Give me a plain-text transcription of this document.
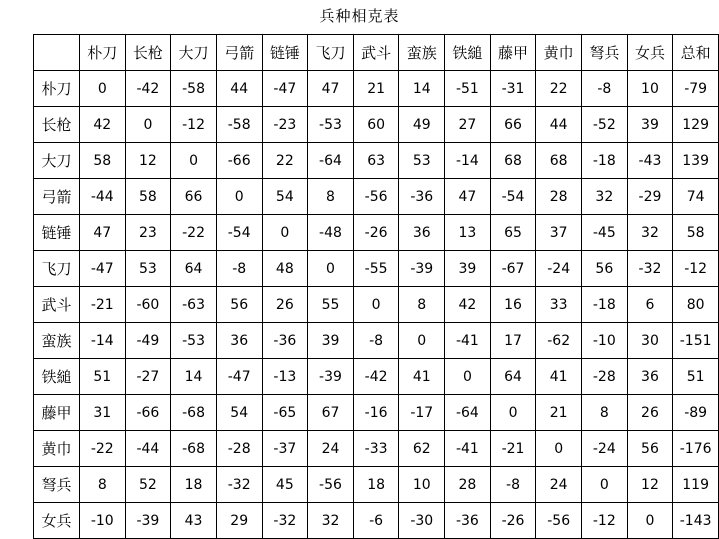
兵种相克表
	朴刀	长枪	大刀	弓箭	链锤	飞刀	武斗	蛮族	铁縋	藤甲	黄巾	弩兵	女兵	总和
朴刀	0	-42	-58	44	-47	47	21	14	-51	-31	22	-8	10	-79
长枪	42	0	-12	-58	-23	-53	60	49	27	66	44	-52	39	129
大刀	58	12	0	-66	22	-64	63	53	-14	68	68	-18	-43	139
弓箭	-44	58	66	0	54	8	-56	-36	47	-54	28	32	-29	74
链锤	47	23	-22	-54	0	-48	-26	36	13	65	37	-45	32	58
飞刀	-47	53	64	-8	48	0	-55	-39	39	-67	-24	56	-32	-12
武斗	-21	-60	-63	56	26	55	0	8	42	16	33	-18	6	80
蛮族	-14	-49	-53	36	-36	39	-8	0	-41	17	-62	-10	30	-151
铁縋	51	-27	14	-47	-13	-39	-42	41	0	64	41	-28	36	51
藤甲	31	-66	-68	54	-65	67	-16	-17	-64	0	21	8	26	-89
黄巾	-22	-44	-68	-28	-37	24	-33	62	-41	-21	0	-24	56	-176
弩兵	8	52	18	-32	45	-56	18	10	28	-8	24	0	12	119
女兵	-10	-39	43	29	-32	32	-6	-30	-36	-26	-56	-12	0	-143
